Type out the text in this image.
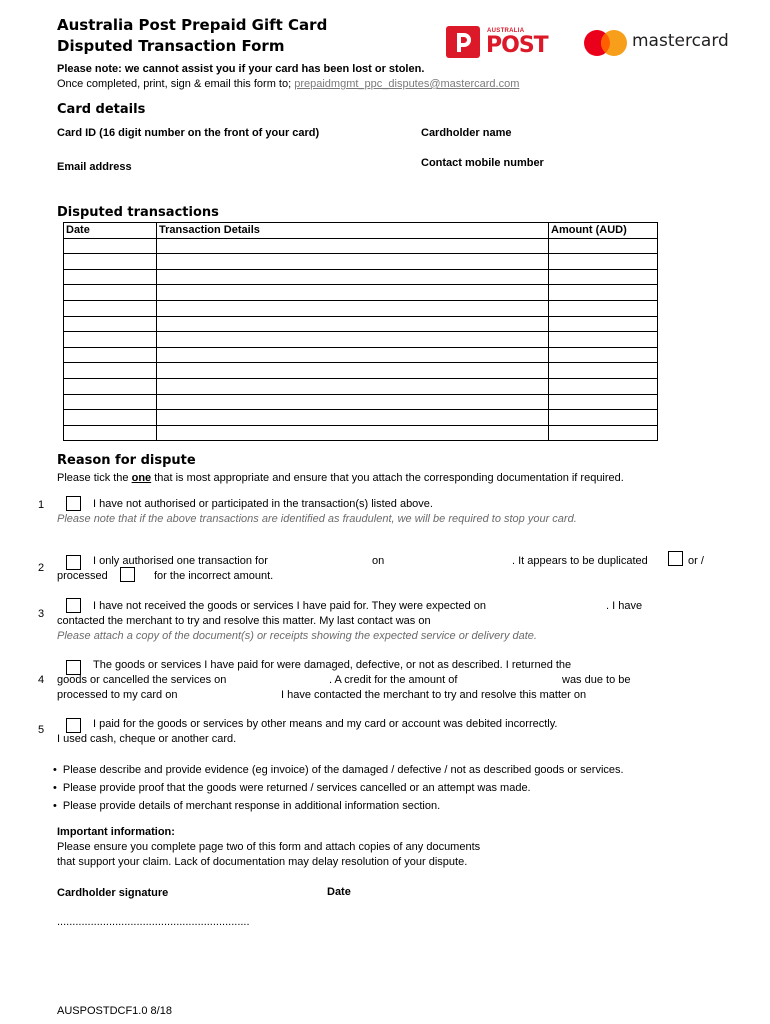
Australia Post Prepaid Gift Card
Disputed Transaction Form
AUSTRALIA
POST	mastercard
Please note: we cannot assist you if your card has been lost or stolen.
Once completed, print, sign & email this form to; prepaidmgmt_ppc_disputes@mastercard.com
Card details
Card ID (16 digit number on the front of your card)	Cardholder name
Email address	Contact mobile number
Disputed transactions
Date	Transaction Details	Amount (AUD)

Reason for dispute
Please tick the one that is most appropriate and ensure that you attach the corresponding documentation if required.
1	I have not authorised or participated in the transaction(s) listed above.
Please note that if the above transactions are identified as fraudulent, we will be required to stop your card.
2
I only authorised one transaction for	on	. It appears to be duplicated	or /
processed	for the incorrect amount.
3
I have not received the goods or services I have paid for. They were expected on	. I have
contacted the merchant to try and resolve this matter. My last contact was on
Please attach a copy of the document(s) or receipts showing the expected service or delivery date.
4
The goods or services I have paid for were damaged, defective, or not as described. I returned the
goods or cancelled the services on	. A credit for the amount of	was due to be
processed to my card on	I have contacted the merchant to try and resolve this matter on
5	I paid for the goods or services by other means and my card or account was debited incorrectly.
I used cash, cheque or another card.
• Please describe and provide evidence (eg invoice) of the damaged / defective / not as described goods or services.
• Please provide proof that the goods were returned / services cancelled or an attempt was made.
• Please provide details of merchant response in additional information section.
Important information:
Please ensure you complete page two of this form and attach copies of any documents
that support your claim. Lack of documentation may delay resolution of your dispute.
Cardholder signature	Date
...............................................................
AUSPOSTDCF1.0 8/18
